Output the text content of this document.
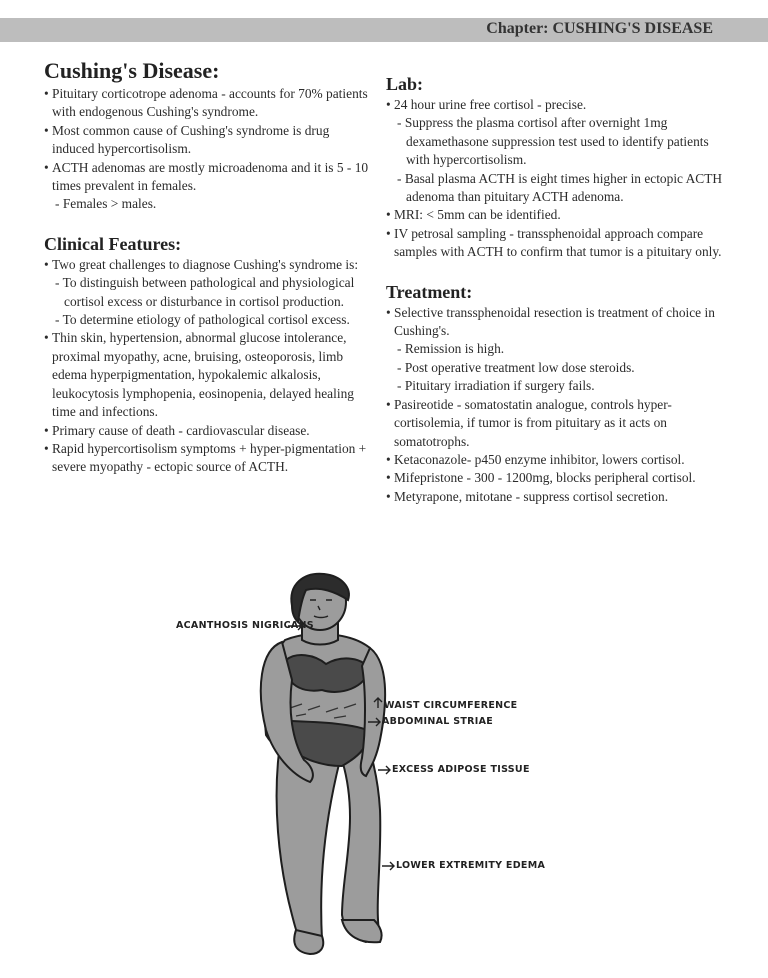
Chapter: CUSHING'S DISEASE
Cushing's Disease:
• Pituitary corticotrope adenoma - accounts for 70% patients with endogenous Cushing's syndrome.
• Most common cause of Cushing's syndrome is drug induced hypercortisolism.
• ACTH adenomas are mostly microadenoma and it is 5 - 10 times prevalent in females.
- Females > males.
Clinical Features:
• Two great challenges to diagnose Cushing's syndrome is:
- To distinguish between pathological and physiological cortisol excess or disturbance in cortisol production.
- To determine etiology of pathological cortisol excess.
• Thin skin, hypertension, abnormal glucose intolerance, proximal myopathy, acne, bruising, osteoporosis, limb edema hyperpigmentation, hypokalemic alkalosis, leukocytosis lymphopenia, eosinopenia, delayed healing time and infections.
• Primary cause of death - cardiovascular disease.
• Rapid hypercortisolism symptoms + hyper-pigmentation + severe myopathy - ectopic source of ACTH.
Lab:
• 24 hour urine free cortisol - precise.
- Suppress the plasma cortisol after overnight 1mg dexamethasone suppression test used to identify patients with hypercortisolism.
- Basal plasma ACTH is eight times higher in ectopic ACTH adenoma than pituitary ACTH adenoma.
• MRI: < 5mm can be identified.
• IV petrosal sampling - transsphenoidal approach compare samples with ACTH to confirm that tumor is a pituitary only.
Treatment:
• Selective transsphenoidal resection is treatment of choice in Cushing's.
- Remission is high.
- Post operative treatment low dose steroids.
- Pituitary irradiation if surgery fails.
• Pasireotide - somatostatin analogue, controls hyper-cortisolemia, if tumor is from pituitary as it acts on somatotrophs.
• Ketaconazole- p450 enzyme inhibitor, lowers cortisol.
• Mifepristone - 300 - 1200mg, blocks peripheral cortisol.
• Metyrapone, mitotane - suppress cortisol secretion.
ACANTHOSIS NIGRICANS
WAIST CIRCUMFERENCE
ABDOMINAL STRIAE
EXCESS ADIPOSE TISSUE
LOWER EXTREMITY EDEMA
